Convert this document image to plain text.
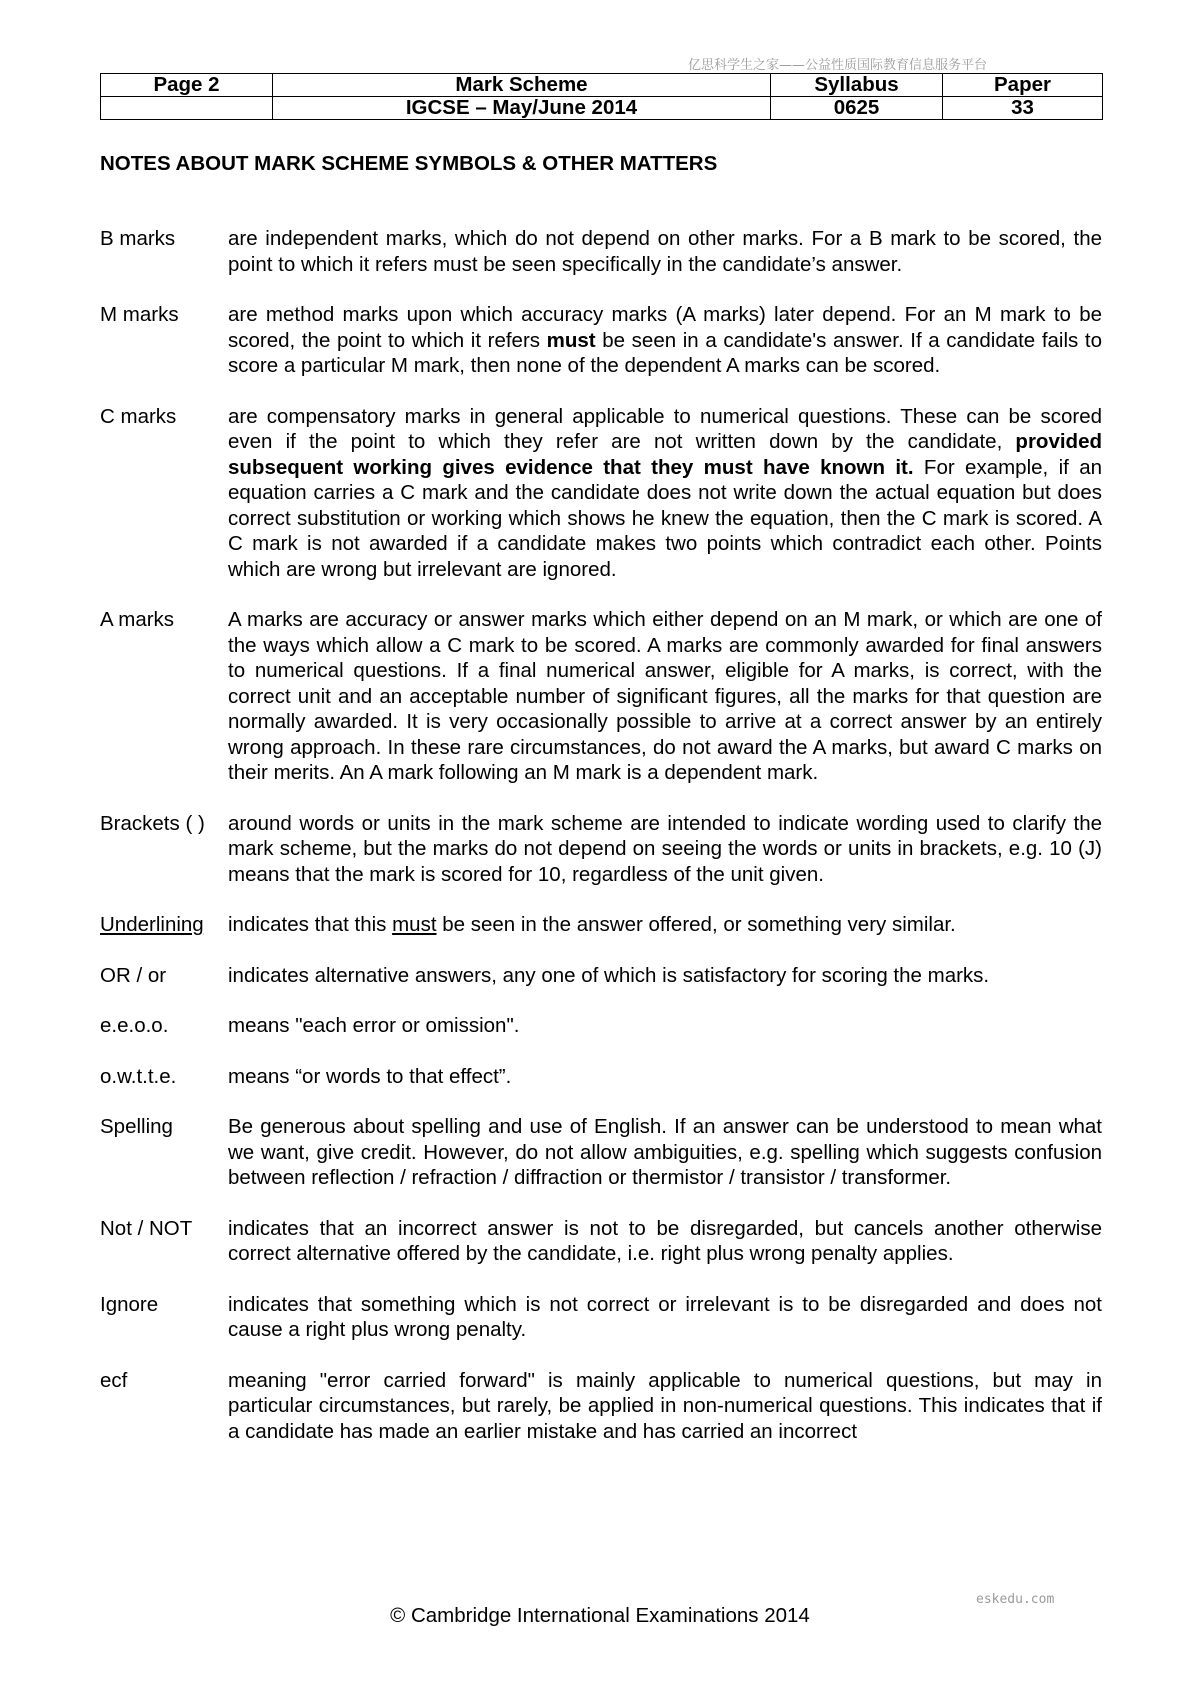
亿思科学生之家——公益性质国际教育信息服务平台
Page 2	Mark Scheme	Syllabus	Paper
	IGCSE – May/June 2014	0625	33
NOTES ABOUT MARK SCHEME SYMBOLS & OTHER MATTERS
B marks	are independent marks, which do not depend on other marks. For a B mark to be scored, the point to which it refers must be seen specifically in the candidate’s answer.
M marks	are method marks upon which accuracy marks (A marks) later depend. For an M mark to be scored, the point to which it refers must be seen in a candidate's answer. If a candidate fails to score a particular M mark, then none of the dependent A marks can be scored.
C marks	are compensatory marks in general applicable to numerical questions. These can be scored even if the point to which they refer are not written down by the candidate, provided subsequent working gives evidence that they must have known it. For example, if an equation carries a C mark and the candidate does not write down the actual equation but does correct substitution or working which shows he knew the equation, then the C mark is scored. A C mark is not awarded if a candidate makes two points which contradict each other. Points which are wrong but irrelevant are ignored.
A marks	A marks are accuracy or answer marks which either depend on an M mark, or which are one of the ways which allow a C mark to be scored. A marks are commonly awarded for final answers to numerical questions. If a final numerical answer, eligible for A marks, is correct, with the correct unit and an acceptable number of significant figures, all the marks for that question are normally awarded. It is very occasionally possible to arrive at a correct answer by an entirely wrong approach. In these rare circumstances, do not award the A marks, but award C marks on their merits. An A mark following an M mark is a dependent mark.
Brackets ( )	around words or units in the mark scheme are intended to indicate wording used to clarify the mark scheme, but the marks do not depend on seeing the words or units in brackets, e.g. 10 (J) means that the mark is scored for 10, regardless of the unit given.
Underlining	indicates that this must be seen in the answer offered, or something very similar.
OR / or	indicates alternative answers, any one of which is satisfactory for scoring the marks.
e.e.o.o.	means "each error or omission".
o.w.t.t.e.	means “or words to that effect”.
Spelling	Be generous about spelling and use of English. If an answer can be understood to mean what we want, give credit. However, do not allow ambiguities, e.g. spelling which suggests confusion between reflection / refraction / diffraction or thermistor / transistor / transformer.
Not / NOT	indicates that an incorrect answer is not to be disregarded, but cancels another otherwise correct alternative offered by the candidate, i.e. right plus wrong penalty applies.
Ignore	indicates that something which is not correct or irrelevant is to be disregarded and does not cause a right plus wrong penalty.
ecf	meaning "error carried forward" is mainly applicable to numerical questions, but may in particular circumstances, but rarely, be applied in non-numerical questions. This indicates that if a candidate has made an earlier mistake and has carried an incorrect
eskedu.com
© Cambridge International Examinations 2014
